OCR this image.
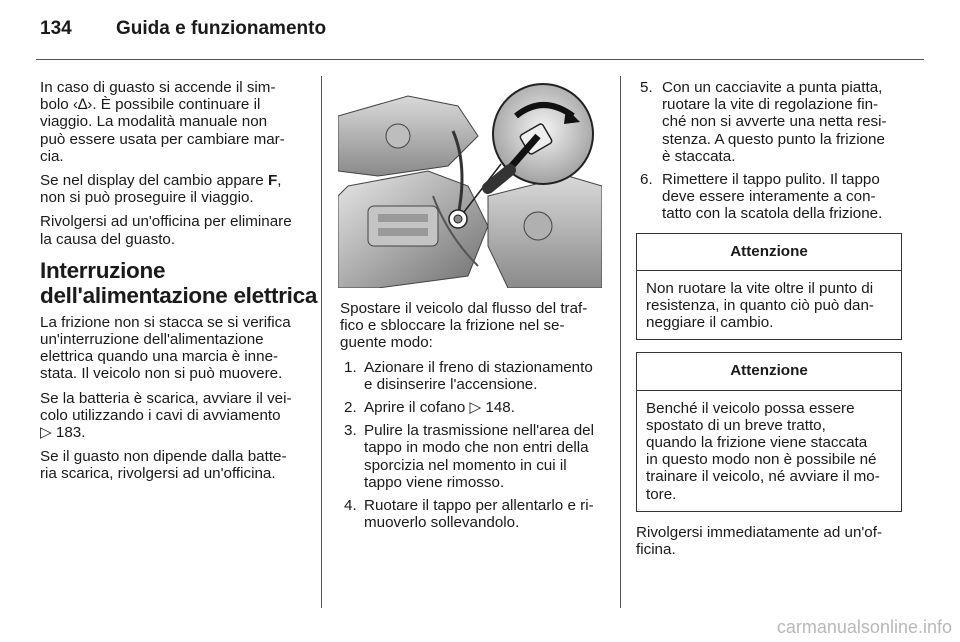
134 Guida e funzionamento

In caso di guasto si accende il sim-
bolo ‹∆›. È possibile continuare il
viaggio. La modalità manuale non
può essere usata per cambiare mar-
cia.

Se nel display del cambio appare F,
non si può proseguire il viaggio.

Rivolgersi ad un'officina per eliminare
la causa del guasto.

Interruzione
dell'alimentazione elettrica

La frizione non si stacca se si verifica
un'interruzione dell'alimentazione
elettrica quando una marcia è inne-
stata. Il veicolo non si può muovere.

Se la batteria è scarica, avviare il vei-
colo utilizzando i cavi di avviamento
▷ 183.

Se il guasto non dipende dalla batte-
ria scarica, rivolgersi ad un'officina.

Spostare il veicolo dal flusso del traf-
fico e sbloccare la frizione nel se-
guente modo:

1. Azionare il freno di stazionamento
e disinserire l'accensione.
2. Aprire il cofano ▷ 148.
3. Pulire la trasmissione nell'area del
tappo in modo che non entri della
sporcizia nel momento in cui il
tappo viene rimosso.
4. Ruotare il tappo per allentarlo e ri-
muoverlo sollevandolo.
5. Con un cacciavite a punta piatta,
ruotare la vite di regolazione fin-
ché non si avverte una netta resi-
stenza. A questo punto la frizione
è staccata.
6. Rimettere il tappo pulito. Il tappo
deve essere interamente a con-
tatto con la scatola della frizione.
Attenzione
Non ruotare la vite oltre il punto di
resistenza, in quanto ciò può dan-
neggiare il cambio.
Attenzione
Benché il veicolo possa essere
spostato di un breve tratto,
quando la frizione viene staccata
in questo modo non è possibile né
trainare il veicolo, né avviare il mo-
tore.

Rivolgersi immediatamente ad un'of-
ficina.

carmanualsonline.info
